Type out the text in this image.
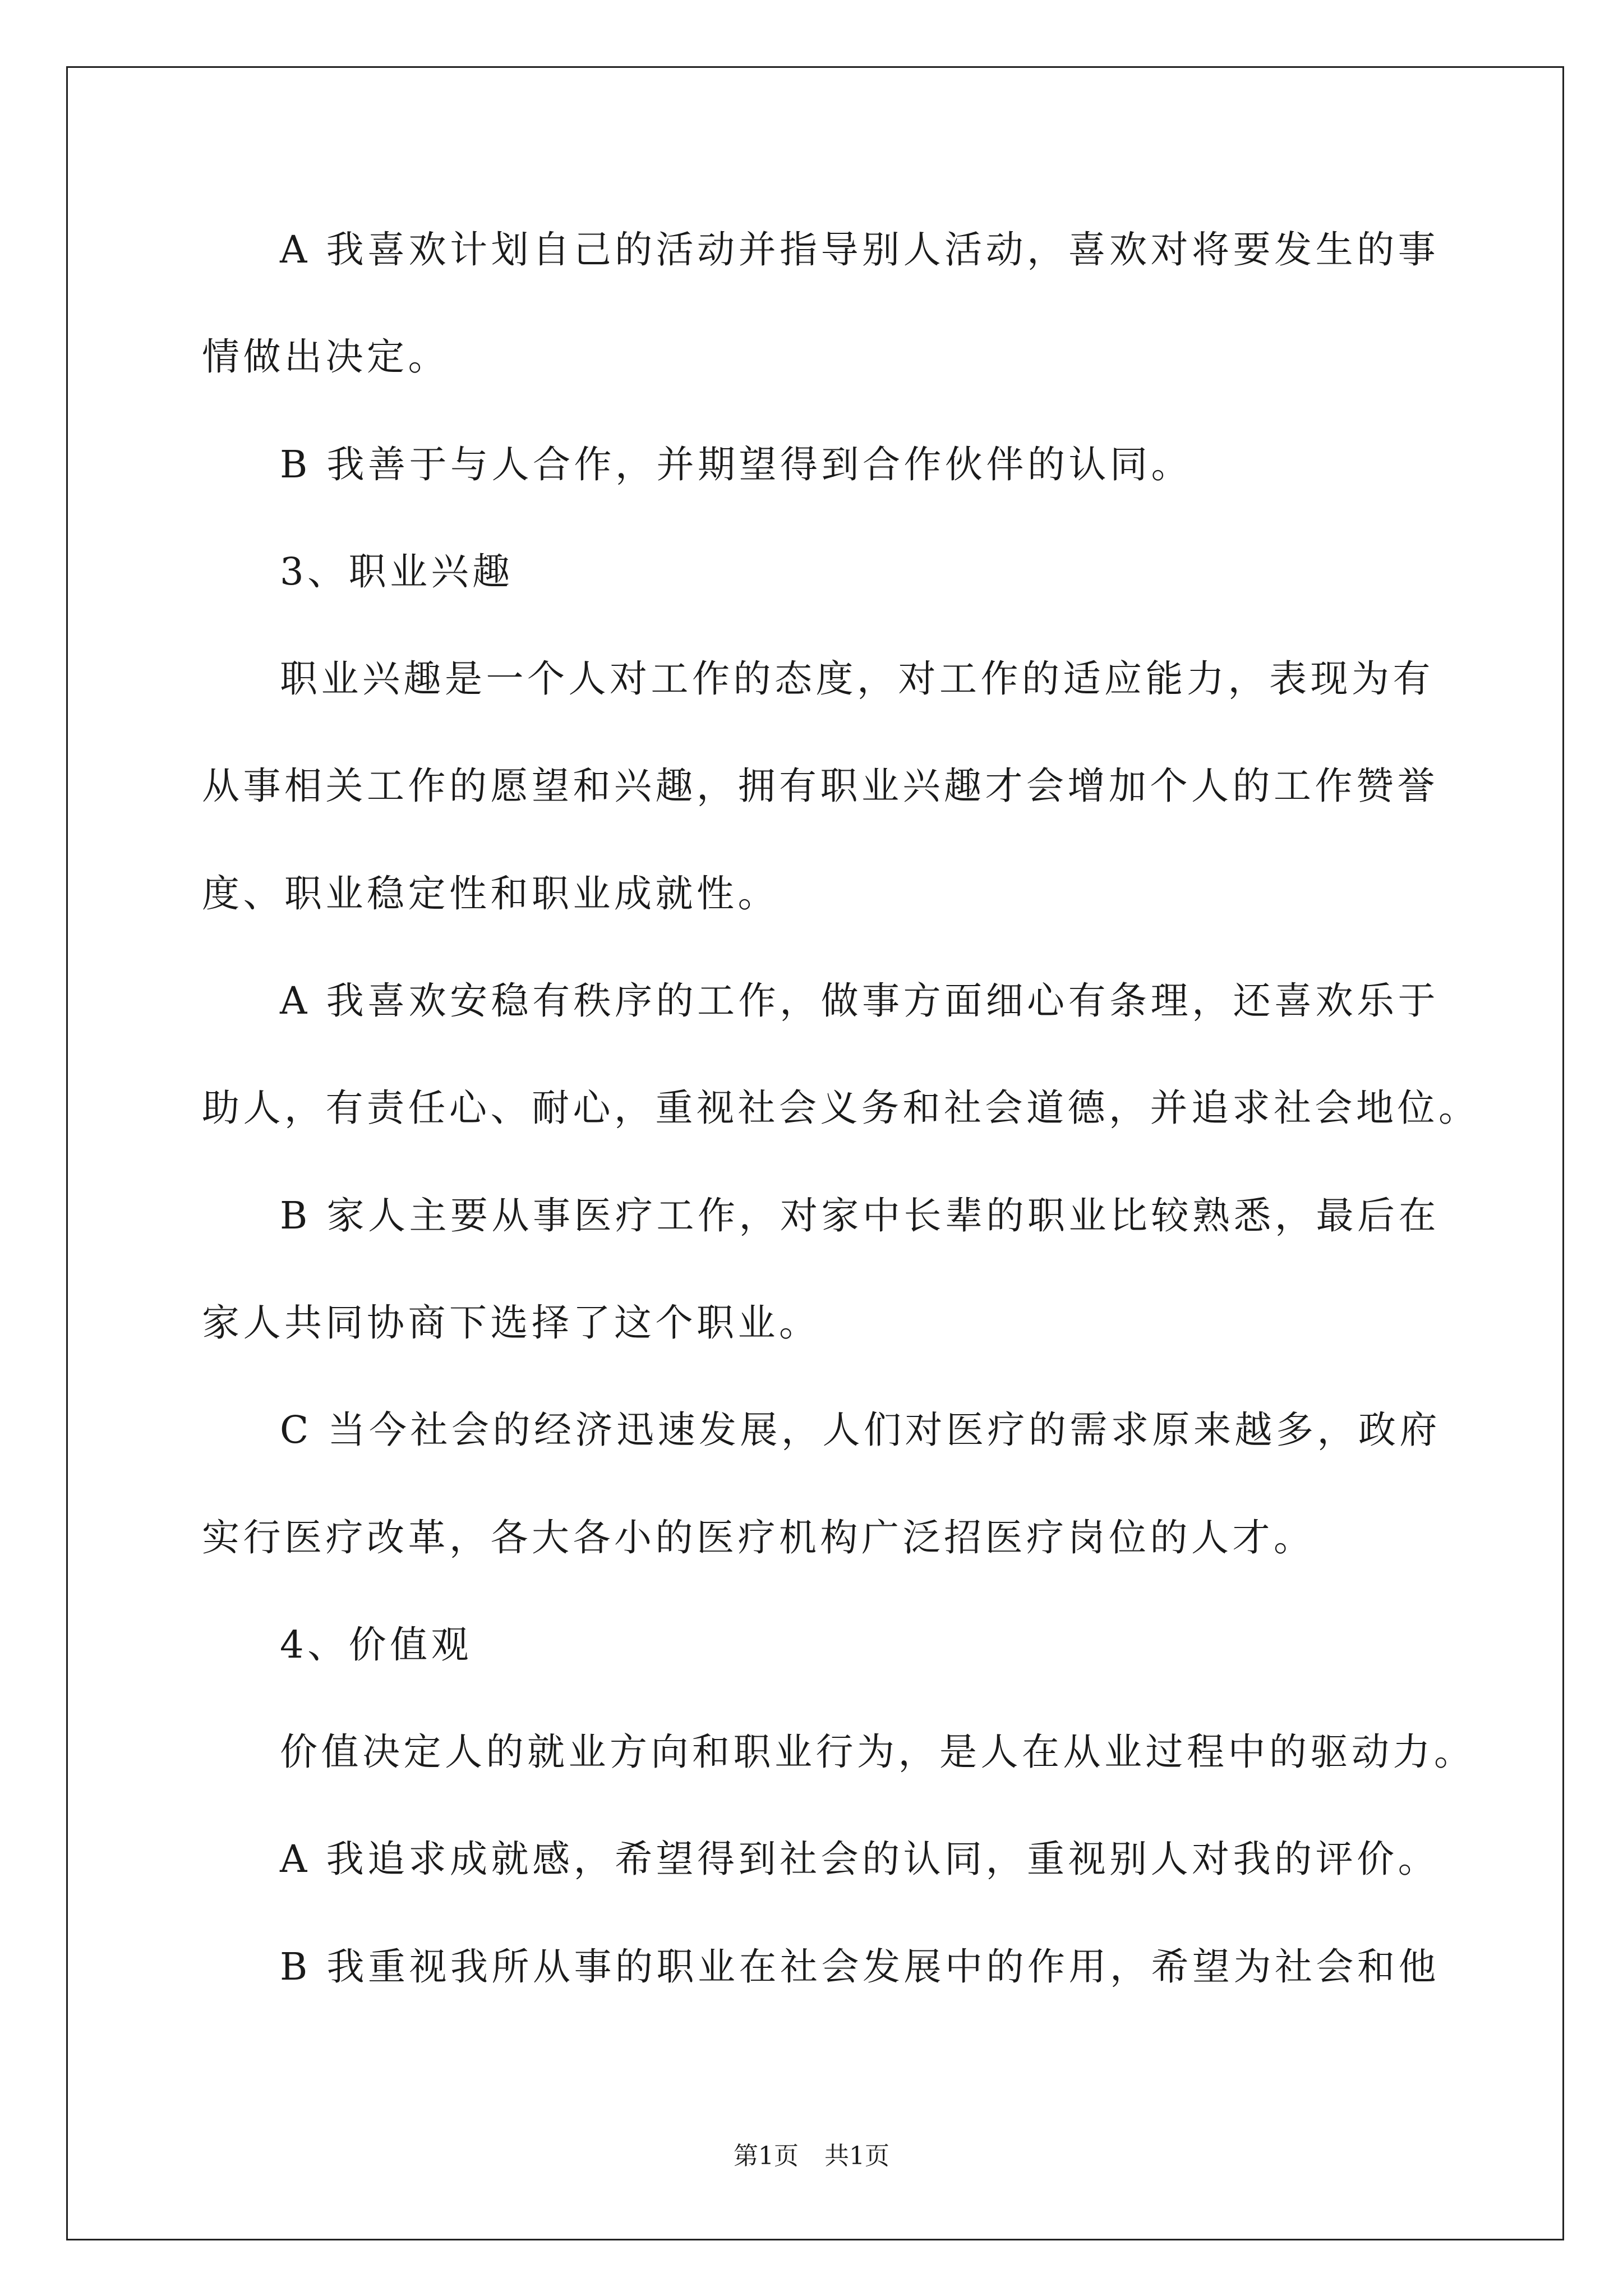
A 我喜欢计划自己的活动并指导别人活动，喜欢对将要发生的事
情做出决定。
B 我善于与人合作，并期望得到合作伙伴的认同。
3、职业兴趣
职业兴趣是一个人对工作的态度，对工作的适应能力，表现为有
从事相关工作的愿望和兴趣，拥有职业兴趣才会增加个人的工作赞誉
度、职业稳定性和职业成就性。
A 我喜欢安稳有秩序的工作，做事方面细心有条理，还喜欢乐于
助人，有责任心、耐心，重视社会义务和社会道德，并追求社会地位。
B 家人主要从事医疗工作，对家中长辈的职业比较熟悉，最后在
家人共同协商下选择了这个职业。
C 当今社会的经济迅速发展，人们对医疗的需求原来越多，政府
实行医疗改革，各大各小的医疗机构广泛招医疗岗位的人才。
4、价值观
价值决定人的就业方向和职业行为，是人在从业过程中的驱动力。
A 我追求成就感，希望得到社会的认同，重视别人对我的评价。
B 我重视我所从事的职业在社会发展中的作用，希望为社会和他
第1页 共1页
